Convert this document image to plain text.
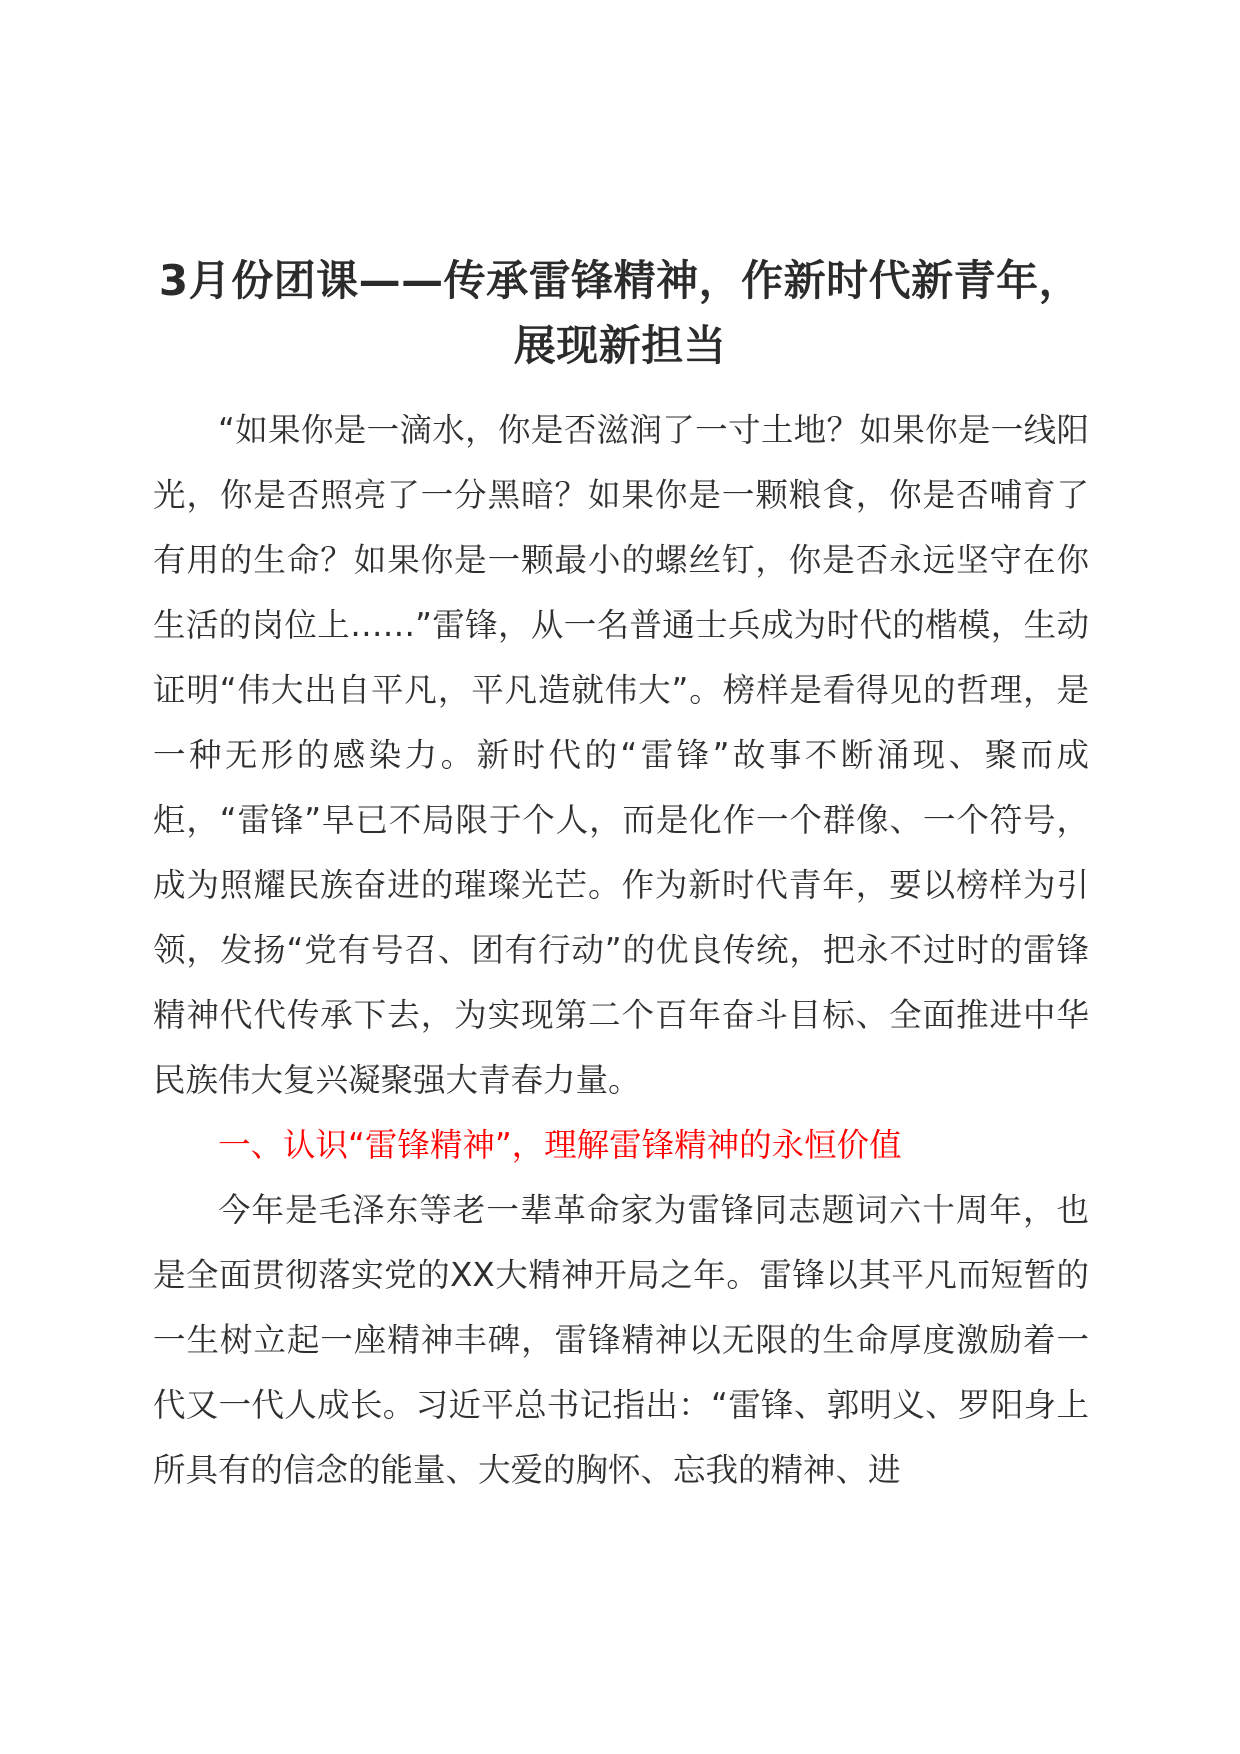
3月份团课——传承雷锋精神，作新时代新青年，展现新担当

“如果你是一滴水，你是否滋润了一寸土地？如果你是一线阳光，你是否照亮了一分黑暗？如果你是一颗粮食，你是否哺育了有用的生命？如果你是一颗最小的螺丝钉，你是否永远坚守在你生活的岗位上……”雷锋，从一名普通士兵成为时代的楷模，生动证明“伟大出自平凡，平凡造就伟大”。榜样是看得见的哲理，是一种无形的感染力。新时代的“雷锋”故事不断涌现、聚而成炬，“雷锋”早已不局限于个人，而是化作一个群像、一个符号，成为照耀民族奋进的璀璨光芒。作为新时代青年，要以榜样为引领，发扬“党有号召、团有行动”的优良传统，把永不过时的雷锋精神代代传承下去，为实现第二个百年奋斗目标、全面推进中华民族伟大复兴凝聚强大青春力量。

一、认识“雷锋精神”，理解雷锋精神的永恒价值

今年是毛泽东等老一辈革命家为雷锋同志题词六十周年，也是全面贯彻落实党的XX大精神开局之年。雷锋以其平凡而短暂的一生树立起一座精神丰碑，雷锋精神以无限的生命厚度激励着一代又一代人成长。习近平总书记指出：“雷锋、郭明义、罗阳身上所具有的信念的能量、大爱的胸怀、忘我的精神、进
